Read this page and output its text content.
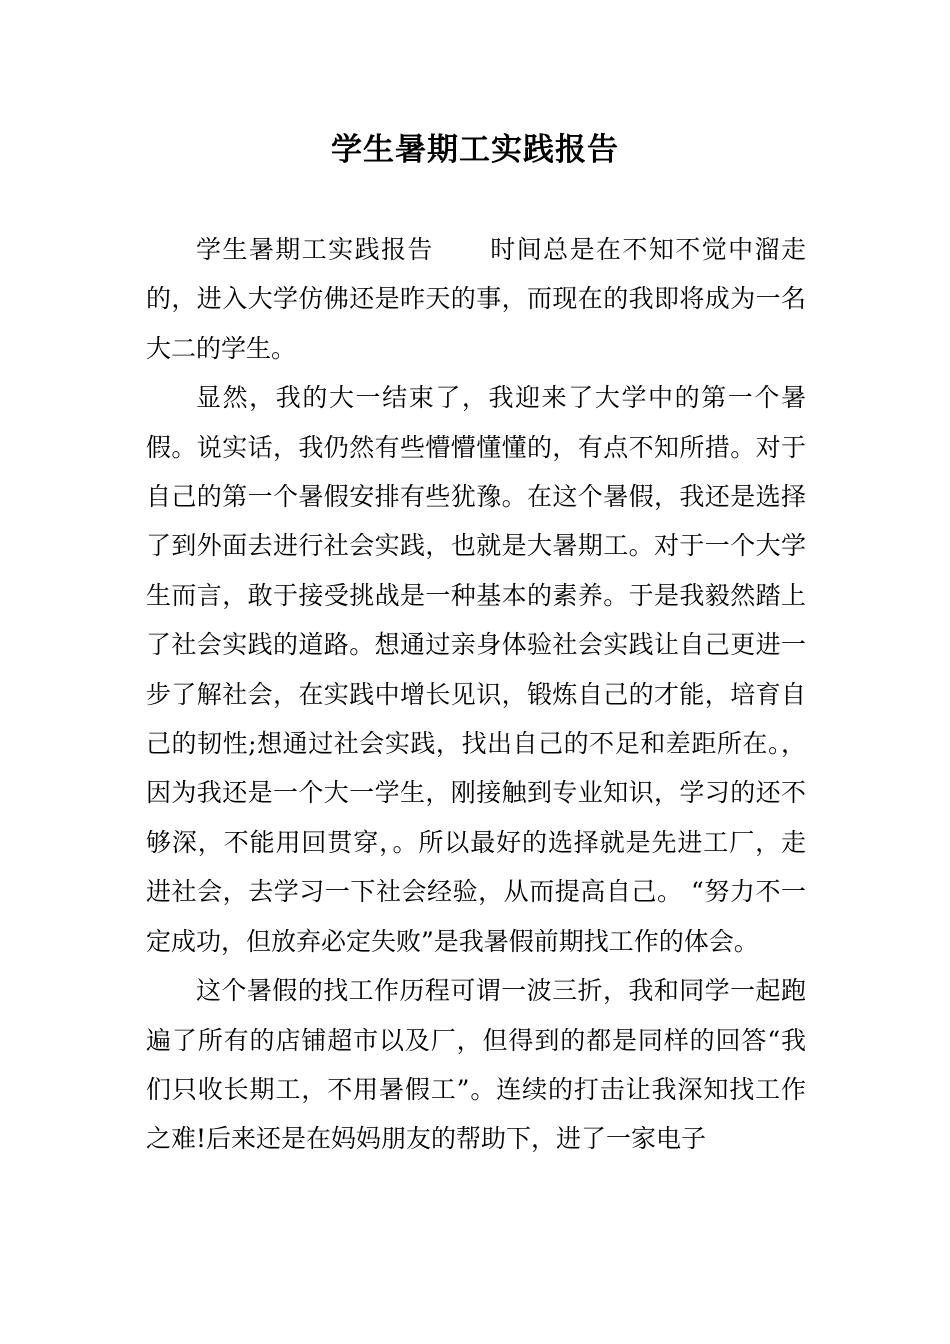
学生暑期工实践报告

学生暑期工实践报告 时间总是在不知不觉中溜走的，进入大学仿佛还是昨天的事，而现在的我即将成为一名大二的学生。

显然，我的大一结束了，我迎来了大学中的第一个暑假。说实话，我仍然有些懵懵懂懂的，有点不知所措。对于自己的第一个暑假安排有些犹豫。在这个暑假，我还是选择了到外面去进行社会实践，也就是大暑期工。对于一个大学生而言，敢于接受挑战是一种基本的素养。于是我毅然踏上了社会实践的道路。想通过亲身体验社会实践让自己更进一步了解社会，在实践中增长见识，锻炼自己的才能，培育自己的韧性;想通过社会实践，找出自己的不足和差距所在。，因为我还是一个大一学生，刚接触到专业知识，学习的还不够深，不能用回贯穿，。所以最好的选择就是先进工厂，走进社会，去学习一下社会经验，从而提高自己。 “努力不一定成功，但放弃必定失败”是我暑假前期找工作的体会。

这个暑假的找工作历程可谓一波三折，我和同学一起跑遍了所有的店铺超市以及厂，但得到的都是同样的回答“我们只收长期工，不用暑假工”。连续的打击让我深知找工作之难!后来还是在妈妈朋友的帮助下，进了一家电子
